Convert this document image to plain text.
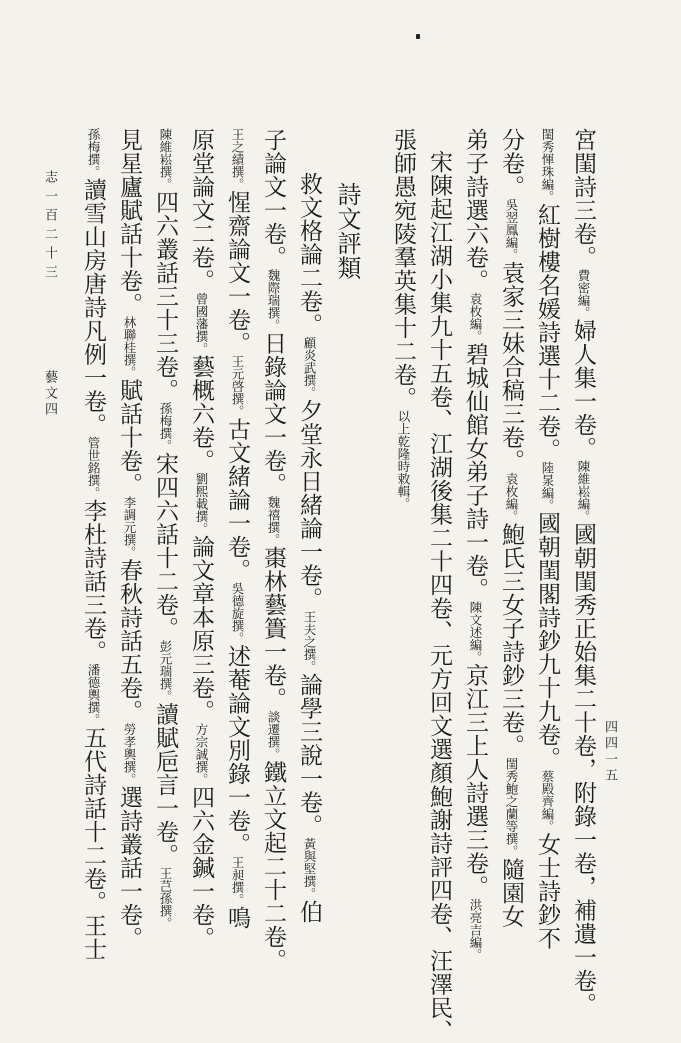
宮閨詩三卷。費密編。婦人集一卷。陳維崧編。國朝閨秀正始集二十卷，附錄一卷，補遺一卷。
閨秀惲珠編。紅樹樓名媛詩選十二卷。陸㫤編。國朝閨閣詩鈔九十九卷。蔡殿齊編。女士詩鈔不
分卷。吳翌鳳編。袁家三妹合稿三卷。袁枚編。鮑氏三女子詩鈔三卷。閨秀鮑之蘭等撰。隨園女
弟子詩選六卷。袁枚編。碧城仙館女弟子詩一卷。陳文述編。京江三上人詩選三卷。洪亮吉編。
宋陳起江湖小集九十五卷、江湖後集二十四卷、元方回文選顏鮑謝詩評四卷、汪澤民、
張師愚宛陵羣英集十二卷。以上乾隆時敕輯。
詩文評類
救文格論二卷。顧炎武撰。夕堂永日緒論一卷。王夫之撰。論學三說一卷。黃與堅撰。伯
子論文一卷。魏際瑞撰。日錄論文一卷。魏禧撰。棗林藝簣一卷。談遷撰。鐵立文起二十二卷。
王之績撰。惺齋論文一卷。王元啓撰。古文緒論一卷。吳德旋撰。述菴論文別錄一卷。王昶撰。鳴
原堂論文二卷。曾國藩撰。藝概六卷。劉熙載撰。論文章本原三卷。方宗誠撰。四六金鍼一卷。
陳維崧撰。四六叢話三十三卷。孫梅撰。宋四六話十二卷。彭元瑞撰。讀賦巵言一卷。王芑孫撰。
見星廬賦話十卷。林聯桂撰。賦話十卷。李調元撰。春秋詩話五卷。勞孝輿撰。選詩叢話一卷。
孫梅撰。讀雪山房唐詩凡例一卷。管世銘撰。李杜詩話三卷。潘德輿撰。五代詩話十二卷。王士
志一百二十三
藝文四
四四一五
